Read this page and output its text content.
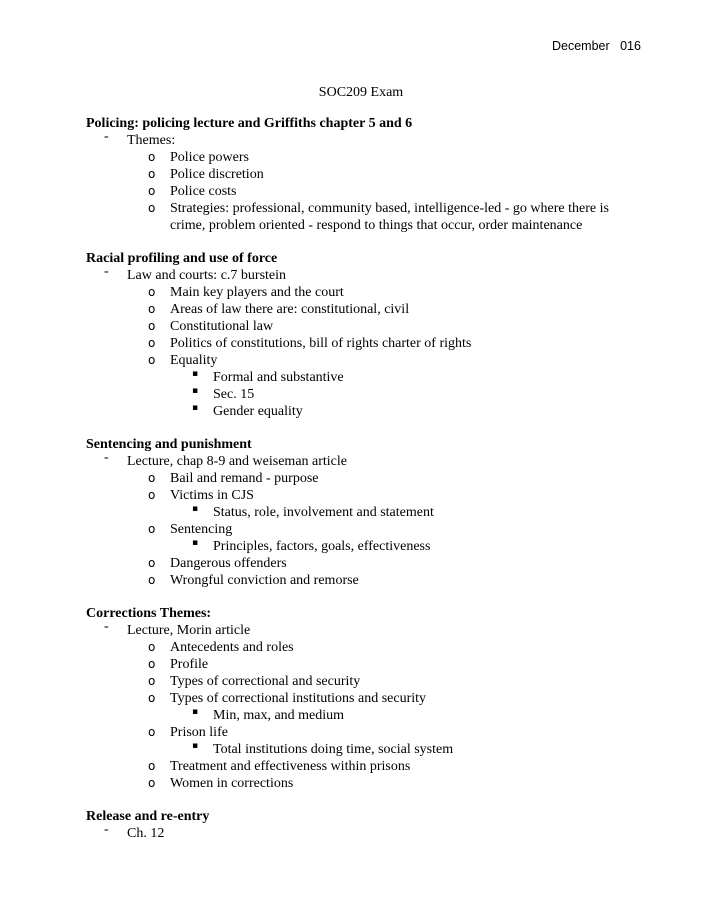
December   016
SOC209 Exam
Policing: policing lecture and Griffiths chapter 5 and 6
- Themes:
o Police powers
o Police discretion
o Police costs
o Strategies: professional, community based, intelligence-led - go where there is crime, problem oriented - respond to things that occur, order maintenance
Racial profiling and use of force
- Law and courts: c.7 burstein
o Main key players and the court
o Areas of law there are: constitutional, civil
o Constitutional law
o Politics of constitutions, bill of rights charter of rights
o Equality
▪ Formal and substantive
▪ Sec. 15
▪ Gender equality
Sentencing and punishment
- Lecture, chap 8-9 and weiseman article
o Bail and remand - purpose
o Victims in CJS
▪ Status, role, involvement and statement
o Sentencing
▪ Principles, factors, goals, effectiveness
o Dangerous offenders
o Wrongful conviction and remorse
Corrections Themes:
- Lecture, Morin article
o Antecedents and roles
o Profile
o Types of correctional and security
o Types of correctional institutions and security
▪ Min, max, and medium
o Prison life
▪ Total institutions doing time, social system
o Treatment and effectiveness within prisons
o Women in corrections
Release and re-entry
- Ch. 12
